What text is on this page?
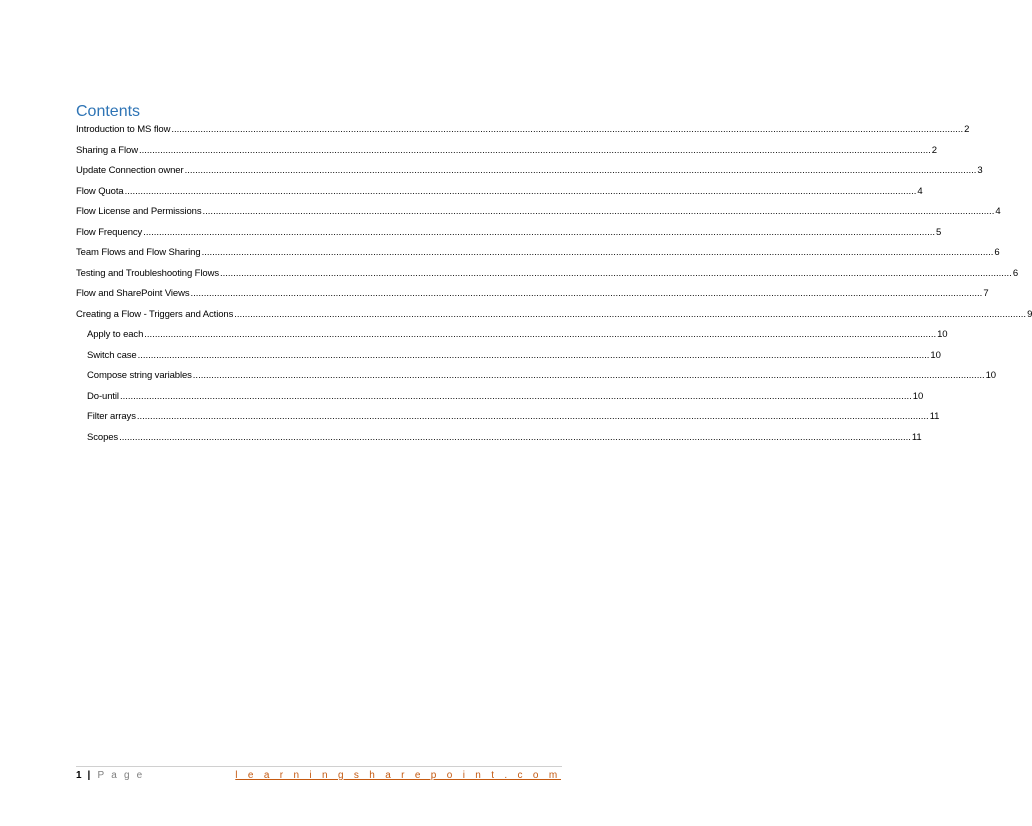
Contents
Introduction to MS flow ............................................................................................................................................................................................................................................................................................................ 2
Sharing a Flow ............................................................................................................................................................................................................................................................................................................ 2
Update Connection owner ............................................................................................................................................................................................................................................................................................................ 3
Flow Quota ............................................................................................................................................................................................................................................................................................................ 4
Flow License and Permissions ............................................................................................................................................................................................................................................................................................................ 4
Flow Frequency ............................................................................................................................................................................................................................................................................................................ 5
Team Flows and Flow Sharing ............................................................................................................................................................................................................................................................................................................ 6
Testing and Troubleshooting Flows ............................................................................................................................................................................................................................................................................................................ 6
Flow and SharePoint Views ............................................................................................................................................................................................................................................................................................................ 7
Creating a Flow - Triggers and Actions ............................................................................................................................................................................................................................................................................................................ 9
Apply to each ............................................................................................................................................................................................................................................................................................................ 10
Switch case ............................................................................................................................................................................................................................................................................................................ 10
Compose string variables ............................................................................................................................................................................................................................................................................................................ 10
Do-until ............................................................................................................................................................................................................................................................................................................ 10
Filter arrays ............................................................................................................................................................................................................................................................................................................ 11
Scopes ............................................................................................................................................................................................................................................................................................................ 11
1 | P a g e	l e a r n i n g s h a r e p o i n t . c o m
